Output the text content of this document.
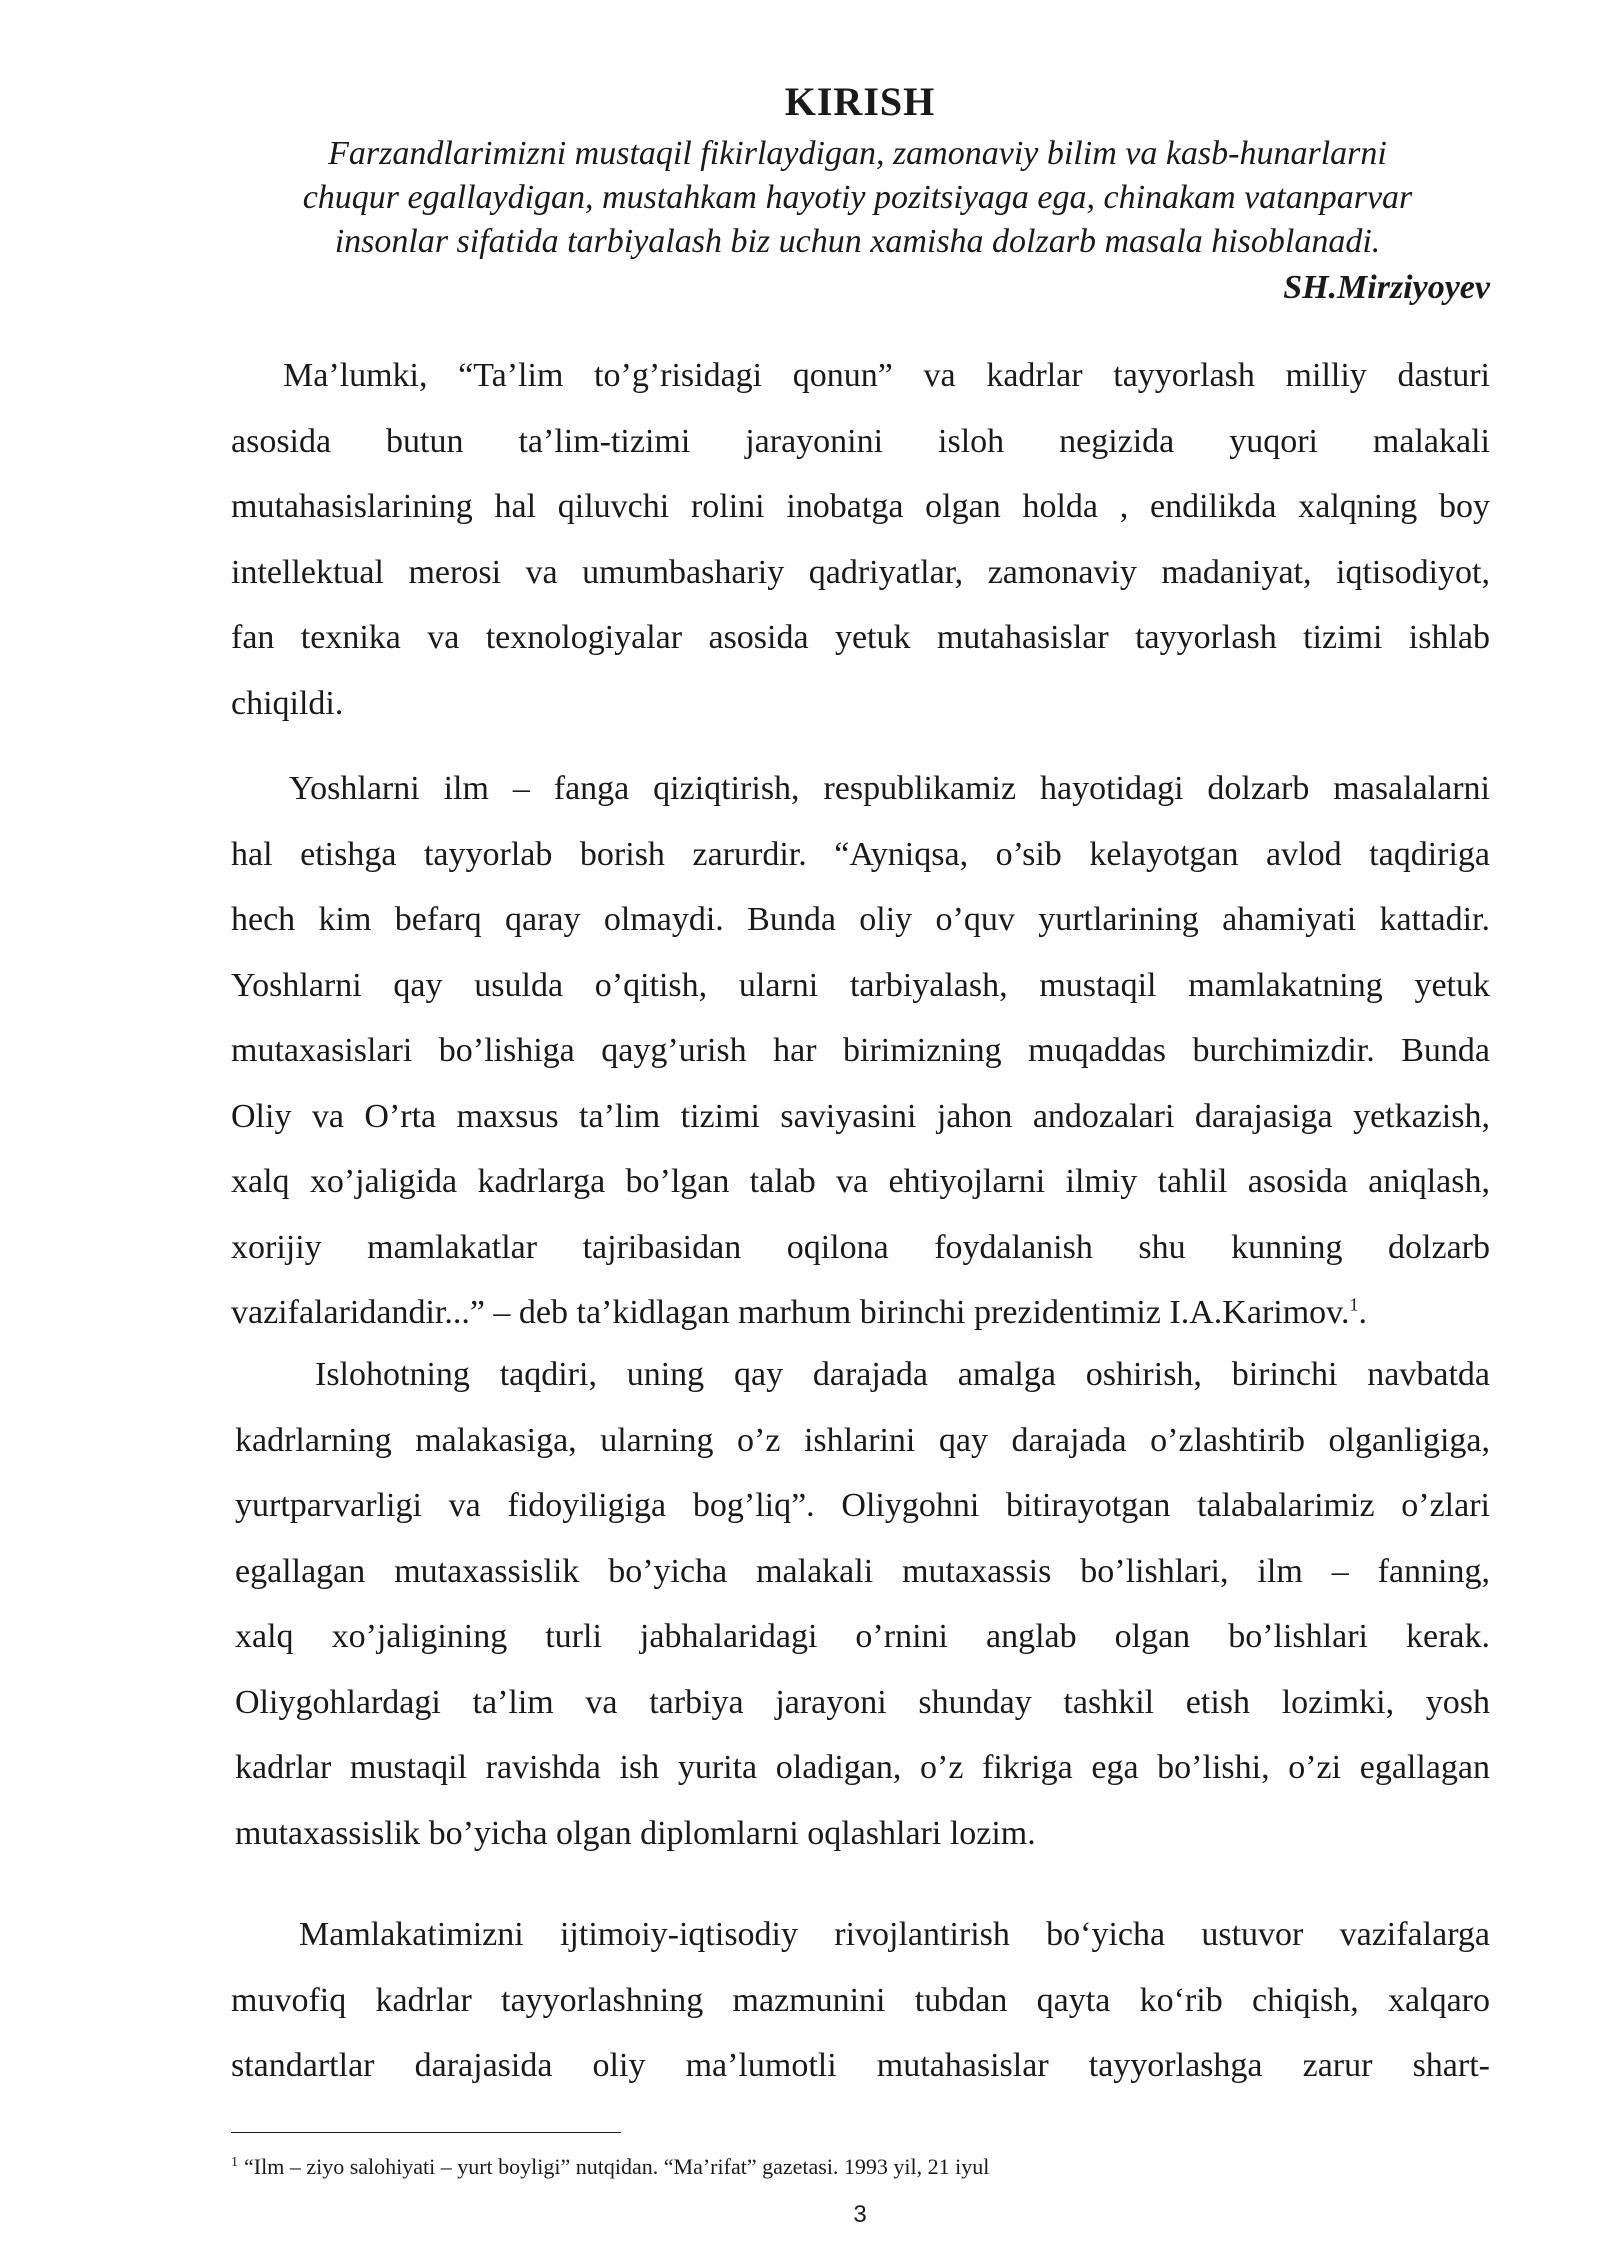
KIRISH
Farzandlarimizni mustaqil fikirlaydigan, zamonaviy bilim va kasb-hunarlarni
chuqur egallaydigan, mustahkam hayotiy pozitsiyaga ega, chinakam vatanparvar
insonlar sifatida tarbiyalash biz uchun xamisha dolzarb masala hisoblanadi.
SH.Mirziyoyev
Ma’lumki, “Ta’lim to’g’risidagi qonun” va kadrlar tayyorlash milliy dasturi
asosida butun ta’lim-tizimi jarayonini isloh negizida yuqori malakali
mutahasislarining hal qiluvchi rolini inobatga olgan holda , endilikda xalqning boy
intellektual merosi va umumbashariy qadriyatlar, zamonaviy madaniyat, iqtisodiyot,
fan texnika va texnologiyalar asosida yetuk mutahasislar tayyorlash tizimi ishlab
chiqildi.
Yoshlarni ilm – fanga qiziqtirish, respublikamiz hayotidagi dolzarb masalalarni
hal etishga tayyorlab borish zarurdir. “Ayniqsa, o’sib kelayotgan avlod taqdiriga
hech kim befarq qaray olmaydi. Bunda oliy o’quv yurtlarining ahamiyati kattadir.
Yoshlarni qay usulda o’qitish, ularni tarbiyalash, mustaqil mamlakatning yetuk
mutaxasislari bo’lishiga qayg’urish har birimizning muqaddas burchimizdir. Bunda
Oliy va O’rta maxsus ta’lim tizimi saviyasini jahon andozalari darajasiga yetkazish,
xalq xo’jaligida kadrlarga bo’lgan talab va ehtiyojlarni ilmiy tahlil asosida aniqlash,
xorijiy mamlakatlar tajribasidan oqilona foydalanish shu kunning dolzarb
vazifalaridandir...” – deb ta’kidlagan marhum birinchi prezidentimiz I.A.Karimov.$^1$.
Islohotning taqdiri, uning qay darajada amalga oshirish, birinchi navbatda
kadrlarning malakasiga, ularning o’z ishlarini qay darajada o’zlashtirib olganligiga,
yurtparvarligi va fidoyiligiga bog’liq”. Oliygohni bitirayotgan talabalarimiz o’zlari
egallagan mutaxassislik bo’yicha malakali mutaxassis bo’lishlari, ilm – fanning,
xalq xo’jaligining turli jabhalaridagi o’rnini anglab olgan bo’lishlari kerak.
Oliygohlardagi ta’lim va tarbiya jarayoni shunday tashkil etish lozimki, yosh
kadrlar mustaqil ravishda ish yurita oladigan, o’z fikriga ega bo’lishi, o’zi egallagan
mutaxassislik bo’yicha olgan diplomlarni oqlashlari lozim.
Mamlakatimizni ijtimoiy-iqtisodiy rivojlantirish bo‘yicha ustuvor vazifalarga
muvofiq kadrlar tayyorlashning mazmunini tubdan qayta ko‘rib chiqish, xalqaro
standartlar darajasida oliy ma’lumotli mutahasislar tayyorlashga zarur shart-
$^1$ “Ilm – ziyo salohiyati – yurt boyligi” nutqidan. “Ma’rifat” gazetasi. 1993 yil, 21 iyul
3
